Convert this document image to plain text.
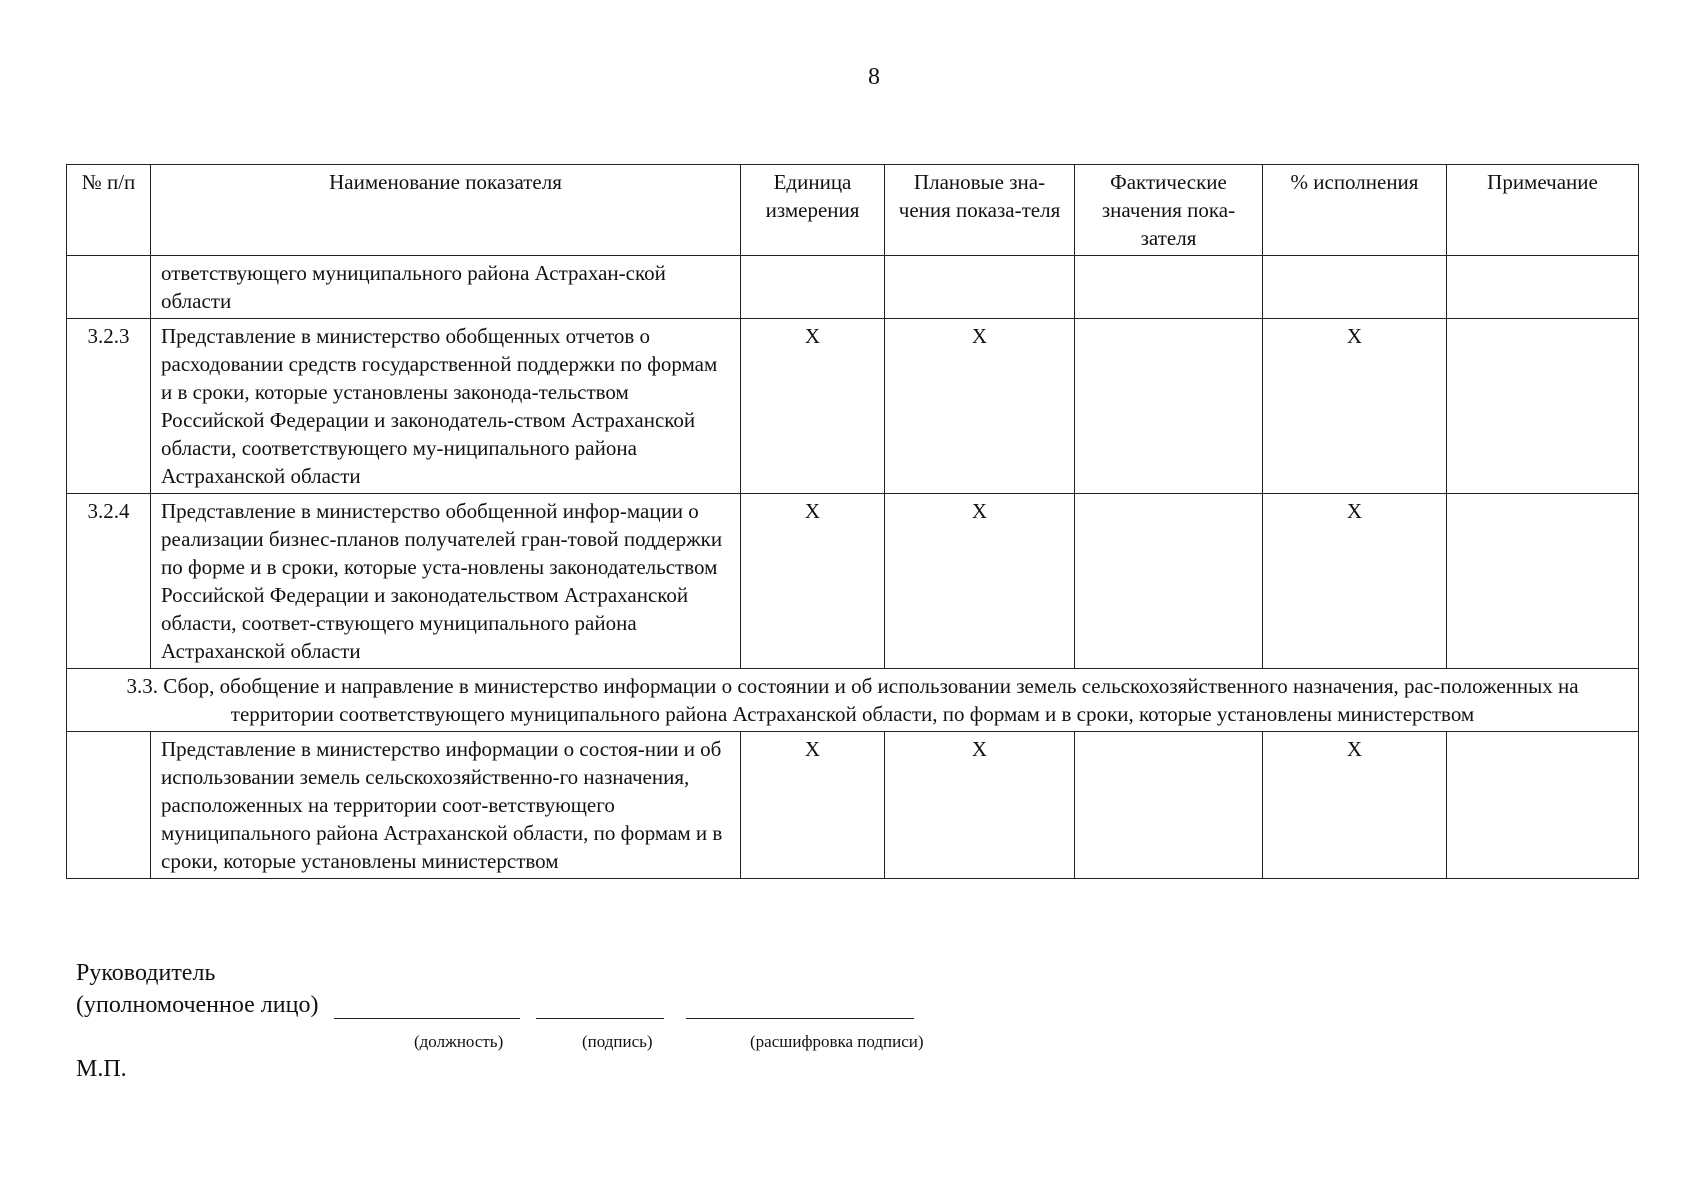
8
№ п/п	Наименование показателя	Единица измерения	Плановые зна-чения показа-теля	Фактические значения пока-зателя	% исполнения	Примечание
	ответствующего муниципального района Астрахан-ской области					
3.2.3	Представление в министерство обобщенных отчетов о расходовании средств государственной поддержки по формам и в сроки, которые установлены законода-тельством Российской Федерации и законодатель-ством Астраханской области, соответствующего му-ниципального района Астраханской области	X	X		X	
3.2.4	Представление в министерство обобщенной инфор-мации о реализации бизнес-планов получателей гран-товой поддержки по форме и в сроки, которые уста-новлены законодательством Российской Федерации и законодательством Астраханской области, соответ-ствующего муниципального района Астраханской области	X	X		X	
3.3. Сбор, обобщение и направление в министерство информации о состоянии и об использовании земель сельскохозяйственного назначения, рас-положенных на территории соответствующего муниципального района Астраханской области, по формам и в сроки, которые установлены министерством						
	Представление в министерство информации о состоя-нии и об использовании земель сельскохозяйственно-го назначения, расположенных на территории соот-ветствующего муниципального района Астраханской области, по формам и в сроки, которые установлены министерством	X	X		X	
Руководитель
(уполномоченное лицо)
(должность)	(подпись)	(расшифровка подписи)
М.П.
